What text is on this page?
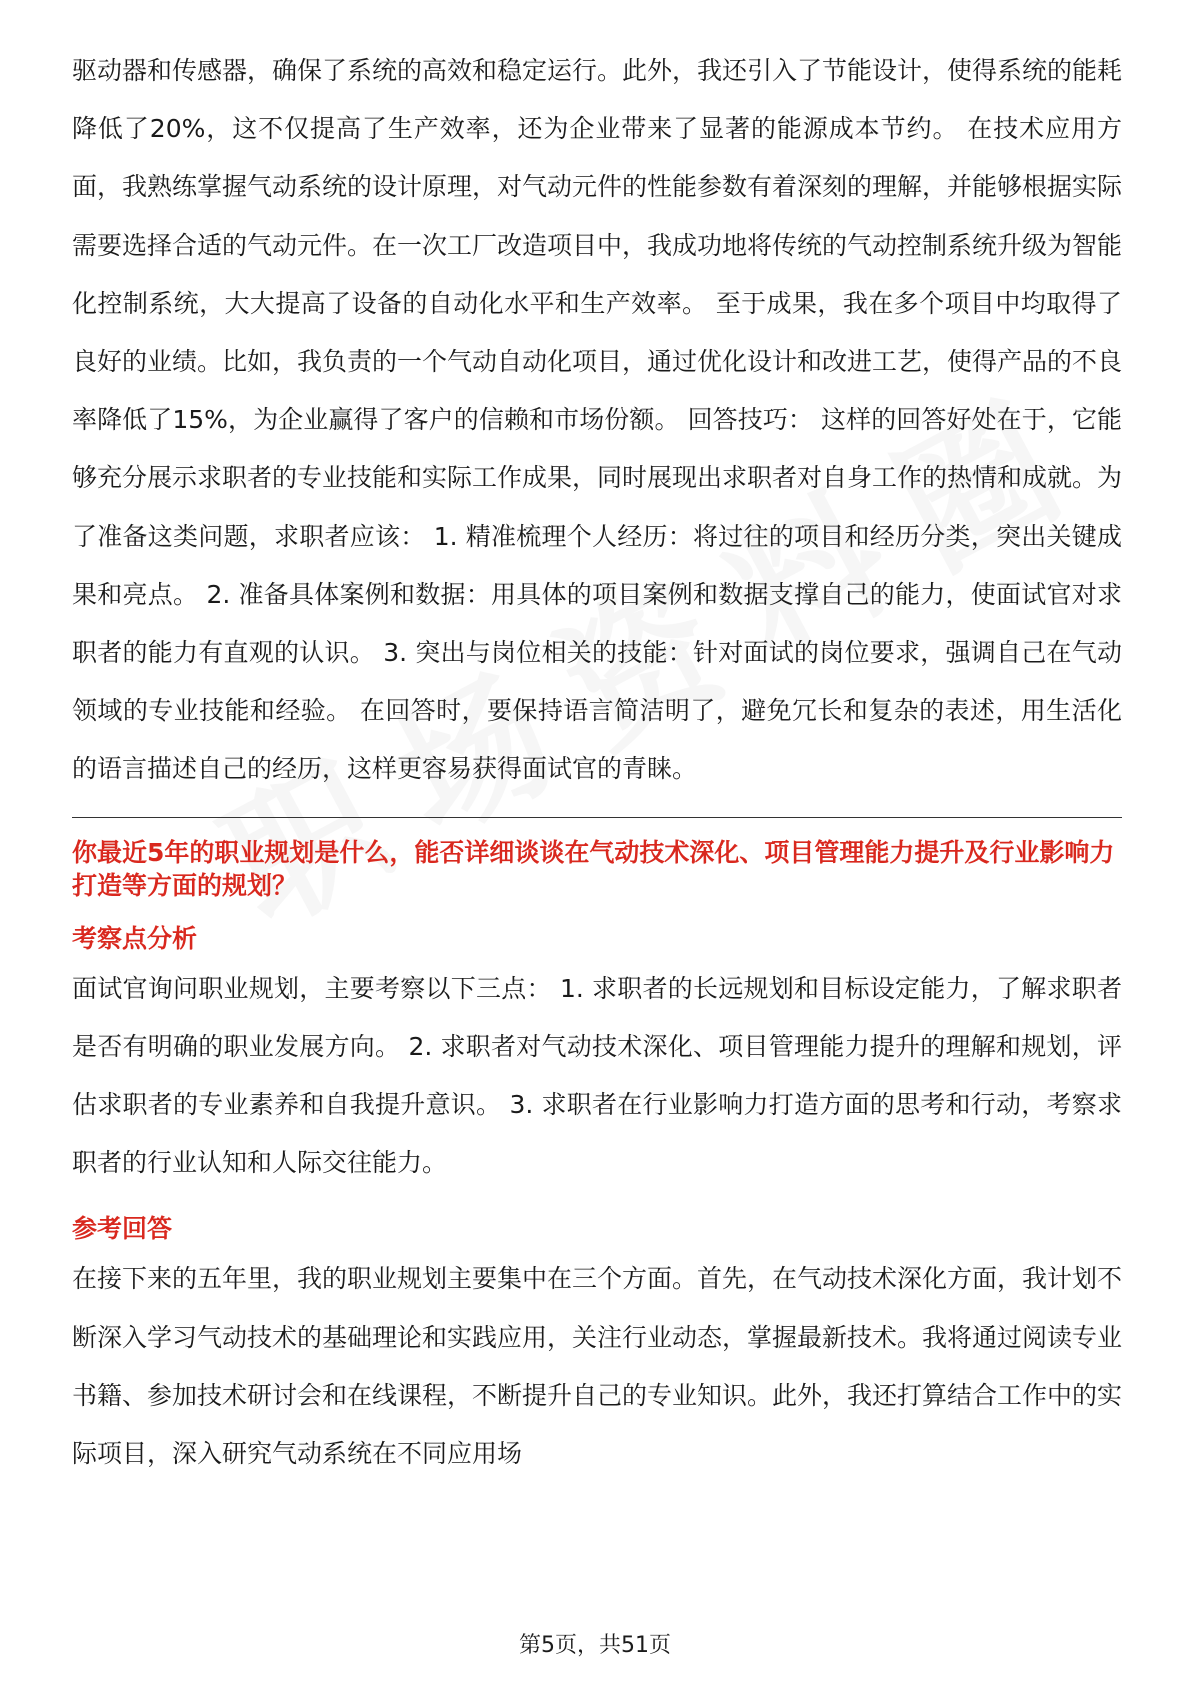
驱动器和传感器，确保了系统的高效和稳定运行。此外，我还引入了节能设计，使得系统的能耗降低了20%，这不仅提高了生产效率，还为企业带来了显著的能源成本节约。 在技术应用方面，我熟练掌握气动系统的设计原理，对气动元件的性能参数有着深刻的理解，并能够根据实际需要选择合适的气动元件。在一次工厂改造项目中，我成功地将传统的气动控制系统升级为智能化控制系统，大大提高了设备的自动化水平和生产效率。 至于成果，我在多个项目中均取得了良好的业绩。比如，我负责的一个气动自动化项目，通过优化设计和改进工艺，使得产品的不良率降低了15%，为企业赢得了客户的信赖和市场份额。 回答技巧： 这样的回答好处在于，它能够充分展示求职者的专业技能和实际工作成果，同时展现出求职者对自身工作的热情和成就。为了准备这类问题，求职者应该： 1. 精准梳理个人经历：将过往的项目和经历分类，突出关键成果和亮点。 2. 准备具体案例和数据：用具体的项目案例和数据支撑自己的能力，使面试官对求职者的能力有直观的认识。 3. 突出与岗位相关的技能：针对面试的岗位要求，强调自己在气动领域的专业技能和经验。 在回答时，要保持语言简洁明了，避免冗长和复杂的表述，用生活化的语言描述自己的经历，这样更容易获得面试官的青睐。

你最近5年的职业规划是什么，能否详细谈谈在气动技术深化、项目管理能力提升及行业影响力打造等方面的规划？

考察点分析

面试官询问职业规划，主要考察以下三点： 1. 求职者的长远规划和目标设定能力，了解求职者是否有明确的职业发展方向。 2. 求职者对气动技术深化、项目管理能力提升的理解和规划，评估求职者的专业素养和自我提升意识。 3. 求职者在行业影响力打造方面的思考和行动，考察求职者的行业认知和人际交往能力。

参考回答

在接下来的五年里，我的职业规划主要集中在三个方面。首先，在气动技术深化方面，我计划不断深入学习气动技术的基础理论和实践应用，关注行业动态，掌握最新技术。我将通过阅读专业书籍、参加技术研讨会和在线课程，不断提升自己的专业知识。此外，我还打算结合工作中的实际项目，深入研究气动系统在不同应用场

第5页，共51页
